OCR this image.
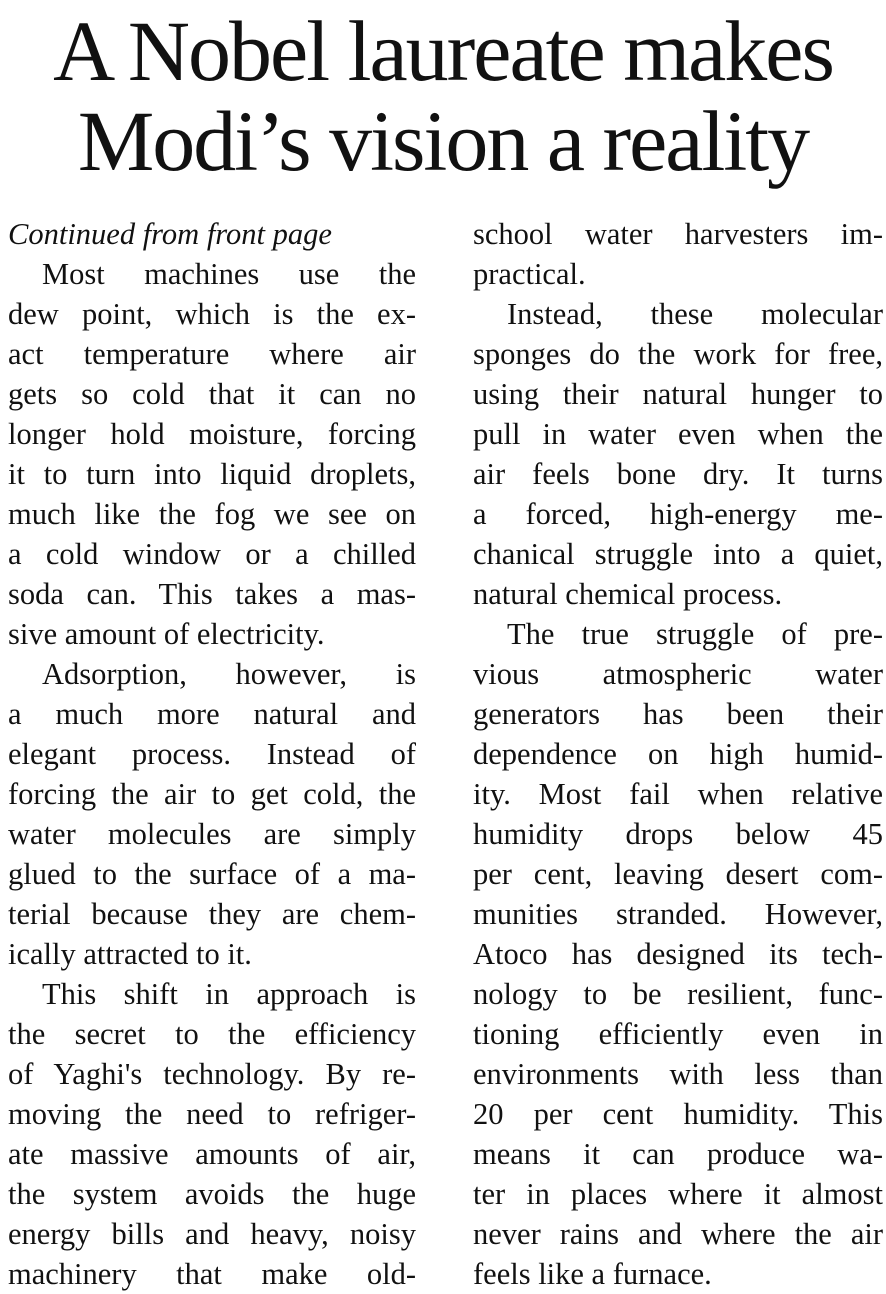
A Nobel laureate makes
Modi’s vision a reality
Continued from front page
Most machines use the
dew point, which is the ex-
act temperature where air
gets so cold that it can no
longer hold moisture, forcing
it to turn into liquid droplets,
much like the fog we see on
a cold window or a chilled
soda can. This takes a mas-
sive amount of electricity.
Adsorption, however, is
a much more natural and
elegant process. Instead of
forcing the air to get cold, the
water molecules are simply
glued to the surface of a ma-
terial because they are chem-
ically attracted to it.
This shift in approach is
the secret to the efficiency
of Yaghi's technology. By re-
moving the need to refriger-
ate massive amounts of air,
the system avoids the huge
energy bills and heavy, noisy
machinery that make old-
school water harvesters im-
practical.
Instead, these molecular
sponges do the work for free,
using their natural hunger to
pull in water even when the
air feels bone dry. It turns
a forced, high-energy me-
chanical struggle into a quiet,
natural chemical process.
The true struggle of pre-
vious atmospheric water
generators has been their
dependence on high humid-
ity. Most fail when relative
humidity drops below 45
per cent, leaving desert com-
munities stranded. However,
Atoco has designed its tech-
nology to be resilient, func-
tioning efficiently even in
environments with less than
20 per cent humidity. This
means it can produce wa-
ter in places where it almost
never rains and where the air
feels like a furnace.
